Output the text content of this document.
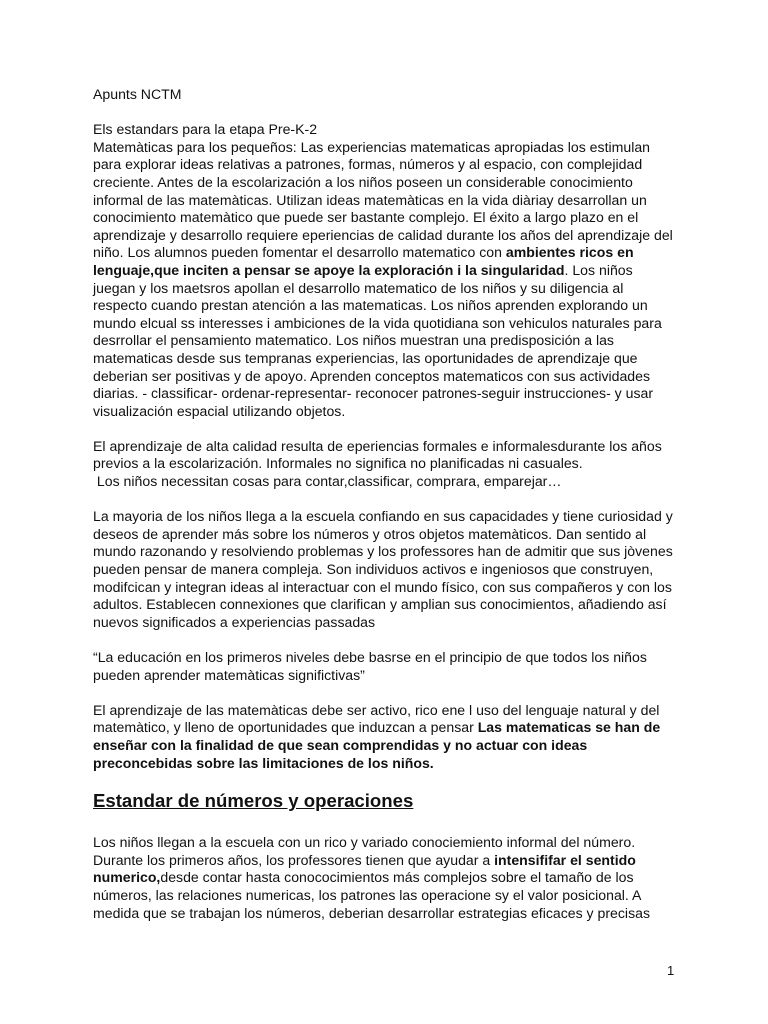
Apunts NCTM

Els estandars para la etapa Pre-K-2

Matemàticas para los pequeños: Las experiencias matematicas apropiadas los estimulan para explorar ideas relativas a patrones, formas, números y al espacio, con complejidad creciente. Antes de la escolarización a los niños poseen un considerable conocimiento informal de las matemàticas. Utilizan ideas matemàticas en la vida diàriay desarrollan un conocimiento matemàtico que puede ser bastante complejo. El éxito a largo plazo en el aprendizaje y desarrollo requiere eperiencias de calidad durante los años del aprendizaje del niño. Los alumnos pueden fomentar el desarrollo matematico con ambientes ricos en lenguaje,que inciten a pensar se apoye la exploración i la singularidad. Los niños juegan y los maetsros apollan el desarrollo matematico de los niños y su diligencia al respecto cuando prestan atención a las matematicas. Los niños aprenden explorando un mundo elcual ss interesses i ambiciones de la vida quotidiana son vehiculos naturales para desrrollar el pensamiento matematico. Los niños muestran una predisposición a las matematicas desde sus tempranas experiencias, las oportunidades de aprendizaje que deberian ser positivas y de apoyo. Aprenden conceptos matematicos con sus actividades diarias. - classificar- ordenar-representar- reconocer patrones-seguir instrucciones- y usar visualización espacial utilizando objetos.

El aprendizaje de alta calidad resulta de eperiencias formales e informalesdurante los años previos a la escolarización. Informales no significa no planificadas ni casuales.

Los niños necessitan cosas para contar,classificar, comprara, emparejar…

La mayoria de los niños llega a la escuela confiando en sus capacidades y tiene curiosidad y deseos de aprender más sobre los números y otros objetos matemàticos. Dan sentido al mundo razonando y resolviendo problemas y los professores han de admitir que sus jòvenes pueden pensar de manera compleja. Son individuos activos e ingeniosos que construyen, modifcican y integran ideas al interactuar con el mundo físico, con sus compañeros y con los adultos. Establecen connexiones que clarifican y amplian sus conocimientos, añadiendo así nuevos significados a experiencias passadas

“La educación en los primeros niveles debe basrse en el principio de que todos los niños pueden aprender matemàticas significtivas”

El aprendizaje de las matemàticas debe ser activo, rico ene l uso del lenguaje natural y del matemàtico, y lleno de oportunidades que induzcan a pensar Las matematicas se han de enseñar con la finalidad de que sean comprendidas y no actuar con ideas preconcebidas sobre las limitaciones de los niños.

Estandar de números y operaciones

Los niños llegan a la escuela con un rico y variado conociemiento informal del número. Durante los primeros años, los professores tienen que ayudar a intensififar el sentido numerico,desde contar hasta conococimientos más complejos sobre el tamaño de los números, las relaciones numericas, los patrones las operacione sy el valor posicional. A medida que se trabajan los números, deberian desarrollar estrategias eficaces y precisas

1
